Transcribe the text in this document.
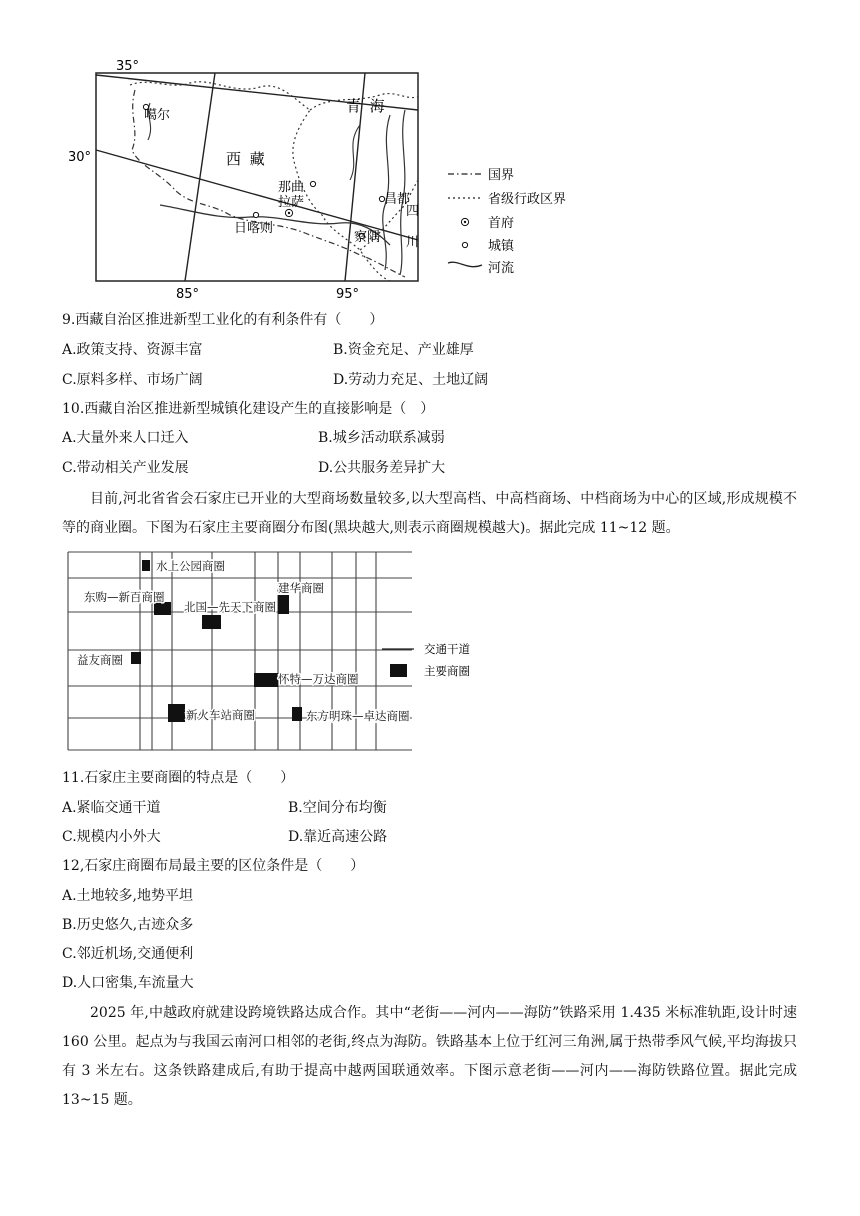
35°
30°
85°	95°
青 海
西 藏
噶尔
那曲
拉萨
日喀则
昌都
察隅
四
川
国界
省级行政区界
首府
城镇
河流
9.西藏自治区推进新型工业化的有利条件有（　　）
A.政策支持、资源丰富	B.资金充足、产业雄厚
C.原料多样、市场广阔	D.劳动力充足、土地辽阔
10.西藏自治区推进新型城镇化建设产生的直接影响是（　）
A.大量外来人口迁入	B.城乡活动联系减弱
C.带动相关产业发展	D.公共服务差异扩大
目前,河北省省会石家庄已开业的大型商场数量较多,以大型高档、中高档商场、中档商场为中心的区域,形成规模不等的商业圈。下图为石家庄主要商圈分布图(黑块越大,则表示商圈规模越大)。据此完成 11~12 题。
水上公园商圈
东购—新百商圈
北国—先天下商圈
建华商圈
益友商圈
怀特—万达商圈
新火车站商圈	东方明珠—卓达商圈
交通干道
主要商圈
11.石家庄主要商圈的特点是（　　）
A.紧临交通干道	B.空间分布均衡
C.规模内小外大	D.靠近高速公路
12,石家庄商圈布局最主要的区位条件是（　　）
A.土地较多,地势平坦
B.历史悠久,古迹众多
C.邻近机场,交通便利
D.人口密集,车流量大
2025 年,中越政府就建设跨境铁路达成合作。其中“老街——河内——海防”铁路采用 1.435 米标准轨距,设计时速 160 公里。起点为与我国云南河口相邻的老街,终点为海防。铁路基本上位于红河三角洲,属于热带季风气候,平均海拔只有 3 米左右。这条铁路建成后,有助于提高中越两国联通效率。下图示意老街——河内——海防铁路位置。据此完成 13~15 题。
